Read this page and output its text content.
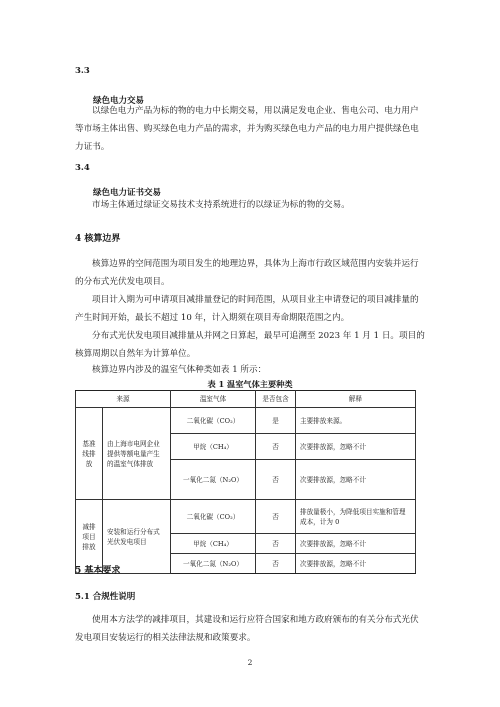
3.3
绿色电力交易

以绿色电力产品为标的物的电力中长期交易，用以满足发电企业、售电公司、电力用户

等市场主体出售、购买绿色电力产品的需求，并为购买绿色电力产品的电力用户提供绿色电

力证书。

3.4
绿色电力证书交易

市场主体通过绿证交易技术支持系统进行的以绿证为标的物的交易。

4 核算边界

核算边界的空间范围为项目发生的地理边界，具体为上海市行政区域范围内安装并运行

的分布式光伏发电项目。

项目计入期为可申请项目减排量登记的时间范围，从项目业主申请登记的项目减排量的

产生时间开始，最长不超过 10 年，计入期须在项目寿命期限范围之内。

分布式光伏发电项目减排量从并网之日算起，最早可追溯至 2023 年 1 月 1 日。项目的

核算周期以自然年为计算单位。

核算边界内涉及的温室气体种类如表 1 所示：

表 1 温室气体主要种类
来源		温室气体	是否包含	解释
基准线排放	由上海市电网企业提供等额电量产生的温室气体排放	二氧化碳（CO₂）	是	主要排放来源。
		甲烷（CH₄）	否	次要排放源，忽略不计
		一氧化二氮（N₂O）	否	次要排放源，忽略不计
减排项目排放	安装和运行分布式光伏发电项目	二氧化碳（CO₂）	否	排放量极小，为降低项目实施和管理成本，计为 0
		甲烷（CH₄）	否	次要排放源，忽略不计
		一氧化二氮（N₂O）	否	次要排放源，忽略不计
5 基本要求
5.1 合规性说明

使用本方法学的减排项目，其建设和运行应符合国家和地方政府颁布的有关分布式光伏

发电项目安装运行的相关法律法规和政策要求。

2
